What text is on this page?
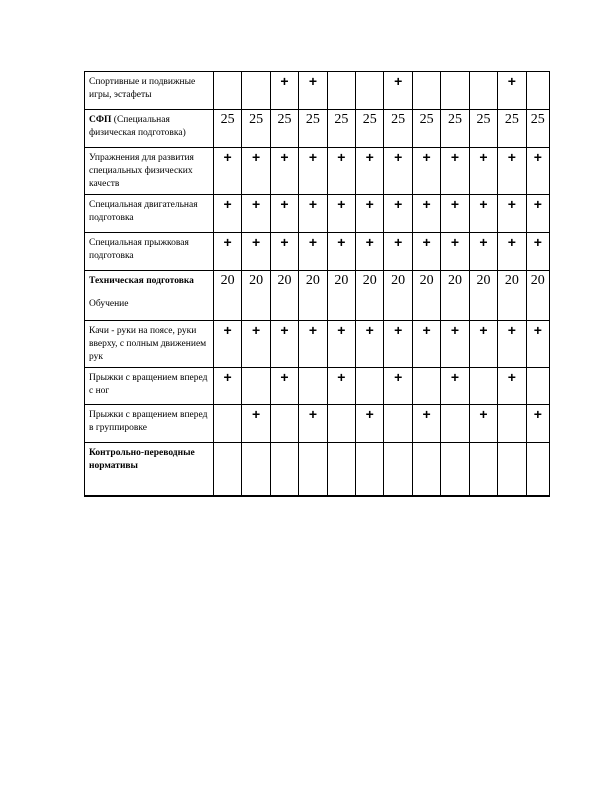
Спортивные и подвижные игры, эстафеты			+	+			+				+	
СФП (Специальная физическая подготовка)	25	25	25	25	25	25	25	25	25	25	25	25
Упражнения для развития специальных физических качеств	+	+	+	+	+	+	+	+	+	+	+	+
Специальная двигательная подготовка	+	+	+	+	+	+	+	+	+	+	+	+
Специальная прыжковая подготовка	+	+	+	+	+	+	+	+	+	+	+	+
Техническая подготовка
Обучение	20	20	20	20	20	20	20	20	20	20	20	20
Качи - руки на поясе, руки вверху, с полным движением рук	+	+	+	+	+	+	+	+	+	+	+	+
Прыжки с вращением вперед с ног	+		+		+		+		+		+	
Прыжки с вращением вперед в группировке		+		+		+		+		+		+
Контрольно-переводные нормативы												
